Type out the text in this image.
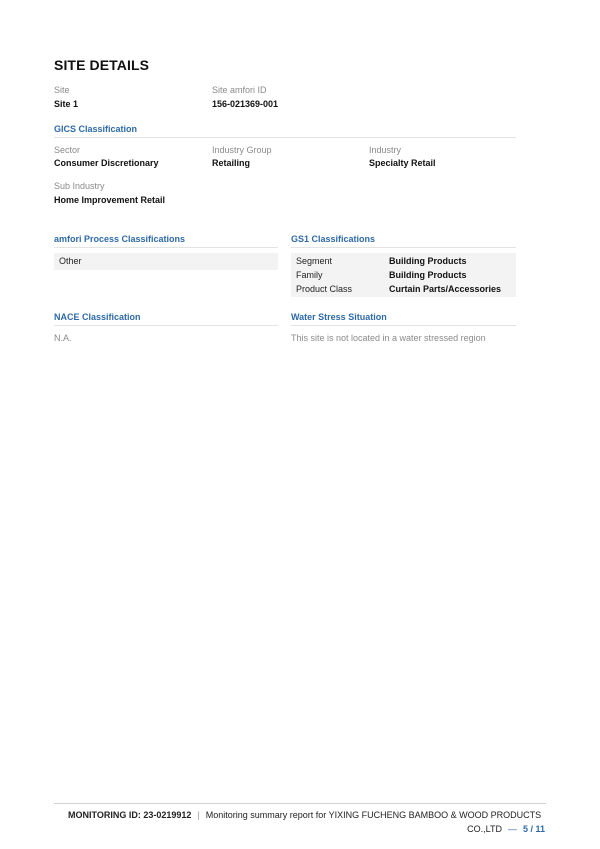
SITE DETAILS
Site
Site 1
Site amfori ID
156-021369-001
GICS Classification
Sector
Consumer Discretionary
Industry Group
Retailing
Industry
Specialty Retail
Sub Industry
Home Improvement Retail
amfori Process Classifications
Other
GS1 Classifications
Segment	Building Products
Family	Building Products
Product Class	Curtain Parts/Accessories
NACE Classification
N.A.
Water Stress Situation
This site is not located in a water stressed region
MONITORING ID: 23-0219912 | Monitoring summary report for YIXING FUCHENG BAMBOO & WOOD PRODUCTS
CO.,LTD — 5 / 11
